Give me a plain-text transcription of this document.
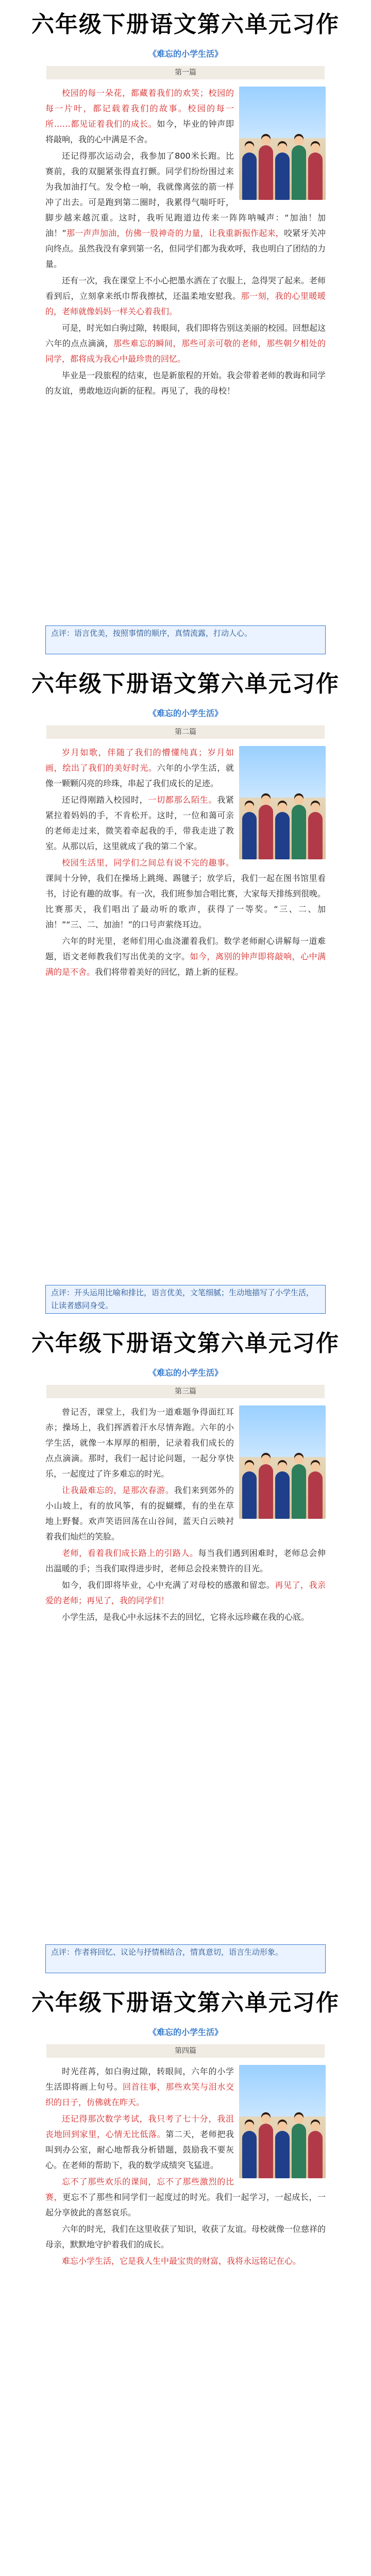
六年级下册语文第六单元习作
《难忘的小学生活》
第一篇

校园的每一朵花，都藏着我们的欢笑；校园的每一片叶，都记载着我们的故事。校园的每一所……都见证着我们的成长。如今，毕业的钟声即将敲响，我的心中满是不舍。

还记得那次运动会，我参加了800米长跑。比赛前，我的双腿紧张得直打颤。同学们纷纷围过来为我加油打气。发令枪一响，我就像离弦的箭一样冲了出去。可是跑到第二圈时，我累得气喘吁吁，脚步越来越沉重。这时，我听见跑道边传来一阵阵呐喊声：“加油！加油！”那一声声加油，仿佛一股神奇的力量，让我重新振作起来，咬紧牙关冲向终点。虽然我没有拿到第一名，但同学们都为我欢呼，我也明白了团结的力量。

还有一次，我在课堂上不小心把墨水洒在了衣服上，急得哭了起来。老师看到后，立刻拿来纸巾帮我擦拭，还温柔地安慰我。那一刻，我的心里暖暖的，老师就像妈妈一样关心着我们。

可是，时光如白驹过隙，转眼间，我们即将告别这美丽的校园。回想起这六年的点点滴滴，那些难忘的瞬间，那些可亲可敬的老师，那些朝夕相处的同学，都将成为我心中最珍贵的回忆。

毕业是一段旅程的结束，也是新旅程的开始。我会带着老师的教诲和同学的友谊，勇敢地迈向新的征程。再见了，我的母校！

点评：语言优美，按照事情的顺序，真情流露，打动人心。
六年级下册语文第六单元习作
《难忘的小学生活》
第二篇

岁月如歌，伴随了我们的懵懂纯真；岁月如画，绘出了我们的美好时光。六年的小学生活，就像一颗颗闪亮的珍珠，串起了我们成长的足迹。

还记得刚踏入校园时，一切都那么陌生。我紧紧拉着妈妈的手，不肯松开。这时，一位和蔼可亲的老师走过来，微笑着牵起我的手，带我走进了教室。从那以后，这里就成了我的第二个家。

校园生活里，同学们之间总有说不完的趣事。课间十分钟，我们在操场上跳绳、踢毽子；放学后，我们一起在图书馆里看书，讨论有趣的故事。有一次，我们班参加合唱比赛，大家每天排练到很晚。比赛那天，我们唱出了最动听的歌声，获得了一等奖。“三、二、加油！”“三、二、加油！”的口号声萦绕耳边。

六年的时光里，老师们用心血浇灌着我们。数学老师耐心讲解每一道难题，语文老师教我们写出优美的文字。如今，离别的钟声即将敲响，心中满满的是不舍。我们将带着美好的回忆，踏上新的征程。

点评：开头运用比喻和排比，语言优美，文笔细腻；生动地描写了小学生活，让读者感同身受。
六年级下册语文第六单元习作
《难忘的小学生活》
第三篇

曾记否，课堂上，我们为一道难题争得面红耳赤；操场上，我们挥洒着汗水尽情奔跑。六年的小学生活，就像一本厚厚的相册，记录着我们成长的点点滴滴。那时，我们一起讨论问题，一起分享快乐，一起度过了许多难忘的时光。

让我最难忘的，是那次春游。我们来到郊外的小山坡上，有的放风筝，有的捉蝴蝶，有的坐在草地上野餐。欢声笑语回荡在山谷间，蓝天白云映衬着我们灿烂的笑脸。

老师，看着我们成长路上的引路人。每当我们遇到困难时，老师总会伸出温暖的手；当我们取得进步时，老师总会投来赞许的目光。

如今，我们即将毕业，心中充满了对母校的感激和留恋。再见了，我亲爱的老师；再见了，我的同学们！

小学生活，是我心中永远抹不去的回忆，它将永远珍藏在我的心底。

点评：作者将回忆、议论与抒情相结合，情真意切，语言生动形象。
六年级下册语文第六单元习作
《难忘的小学生活》
第四篇

时光荏苒，如白驹过隙，转眼间，六年的小学生活即将画上句号。回首往事，那些欢笑与泪水交织的日子，仿佛就在昨天。

还记得那次数学考试，我只考了七十分，我沮丧地回到家里，心情无比低落。第二天，老师把我叫到办公室，耐心地帮我分析错题，鼓励我不要灰心。在老师的帮助下，我的数学成绩突飞猛进。

忘不了那些欢乐的课间，忘不了那些激烈的比赛，更忘不了那些和同学们一起度过的时光。我们一起学习，一起成长，一起分享彼此的喜怒哀乐。

六年的时光，我们在这里收获了知识，收获了友谊。母校就像一位慈祥的母亲，默默地守护着我们的成长。

难忘小学生活，它是我人生中最宝贵的财富，我将永远铭记在心。
